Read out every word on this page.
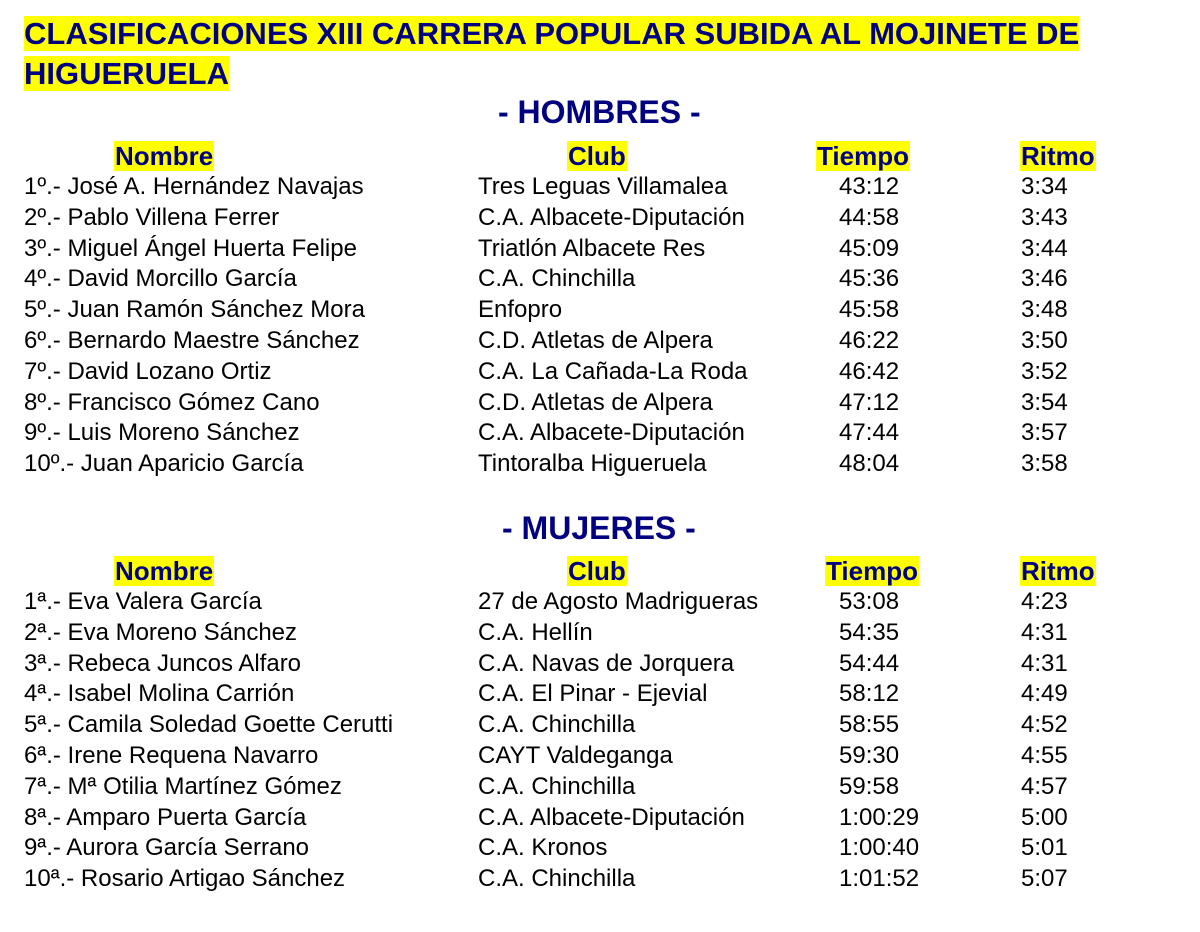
CLASIFICACIONES XIII CARRERA POPULAR SUBIDA AL MOJINETE DE HIGUERUELA
- HOMBRES -
Nombre	Club	Tiempo	Ritmo
1º.- José A. Hernández Navajas	Tres Leguas Villamalea	43:12	3:34
2º.- Pablo Villena Ferrer	C.A. Albacete-Diputación	44:58	3:43
3º.- Miguel Ángel Huerta Felipe	Triatlón Albacete Res	45:09	3:44
4º.- David Morcillo García	C.A. Chinchilla	45:36	3:46
5º.- Juan Ramón Sánchez Mora	Enfopro	45:58	3:48
6º.- Bernardo Maestre Sánchez	C.D. Atletas de Alpera	46:22	3:50
7º.- David Lozano Ortiz	C.A. La Cañada-La Roda	46:42	3:52
8º.- Francisco Gómez Cano	C.D. Atletas de Alpera	47:12	3:54
9º.- Luis Moreno Sánchez	C.A. Albacete-Diputación	47:44	3:57
10º.- Juan Aparicio García	Tintoralba Higueruela	48:04	3:58
- MUJERES -
Nombre	Club	Tiempo	Ritmo
1ª.- Eva Valera García	27 de Agosto Madrigueras	53:08	4:23
2ª.- Eva Moreno Sánchez	C.A. Hellín	54:35	4:31
3ª.- Rebeca Juncos Alfaro	C.A. Navas de Jorquera	54:44	4:31
4ª.- Isabel Molina Carrión	C.A. El Pinar - Ejevial	58:12	4:49
5ª.- Camila Soledad Goette Cerutti	C.A. Chinchilla	58:55	4:52
6ª.- Irene Requena Navarro	CAYT Valdeganga	59:30	4:55
7ª.- Mª Otilia Martínez Gómez	C.A. Chinchilla	59:58	4:57
8ª.- Amparo Puerta García	C.A. Albacete-Diputación	1:00:29	5:00
9ª.- Aurora García Serrano	C.A. Kronos	1:00:40	5:01
10ª.- Rosario Artigao Sánchez	C.A. Chinchilla	1:01:52	5:07
